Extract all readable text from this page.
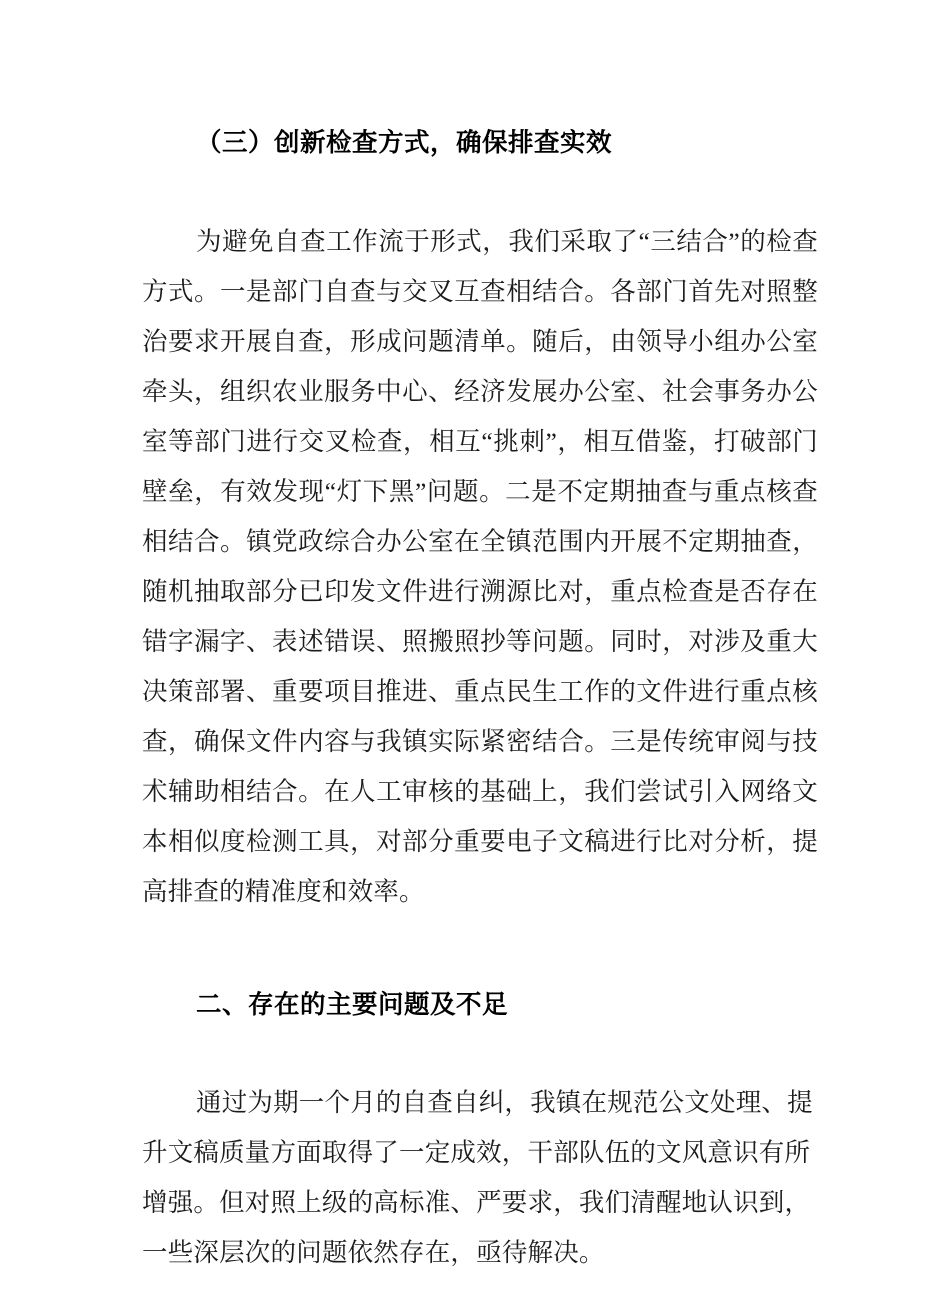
（三）创新检查方式，确保排查实效

为避免自查工作流于形式，我们采取了“三结合”的检查方式。一是部门自查与交叉互查相结合。各部门首先对照整治要求开展自查，形成问题清单。随后，由领导小组办公室牵头，组织农业服务中心、经济发展办公室、社会事务办公室等部门进行交叉检查，相互“挑刺”，相互借鉴，打破部门壁垒，有效发现“灯下黑”问题。二是不定期抽查与重点核查相结合。镇党政综合办公室在全镇范围内开展不定期抽查，随机抽取部分已印发文件进行溯源比对，重点检查是否存在错字漏字、表述错误、照搬照抄等问题。同时，对涉及重大决策部署、重要项目推进、重点民生工作的文件进行重点核查，确保文件内容与我镇实际紧密结合。三是传统审阅与技术辅助相结合。在人工审核的基础上，我们尝试引入网络文本相似度检测工具，对部分重要电子文稿进行比对分析，提高排查的精准度和效率。

二、存在的主要问题及不足

通过为期一个月的自查自纠，我镇在规范公文处理、提升文稿质量方面取得了一定成效，干部队伍的文风意识有所增强。但对照上级的高标准、严要求，我们清醒地认识到，一些深层次的问题依然存在，亟待解决。
